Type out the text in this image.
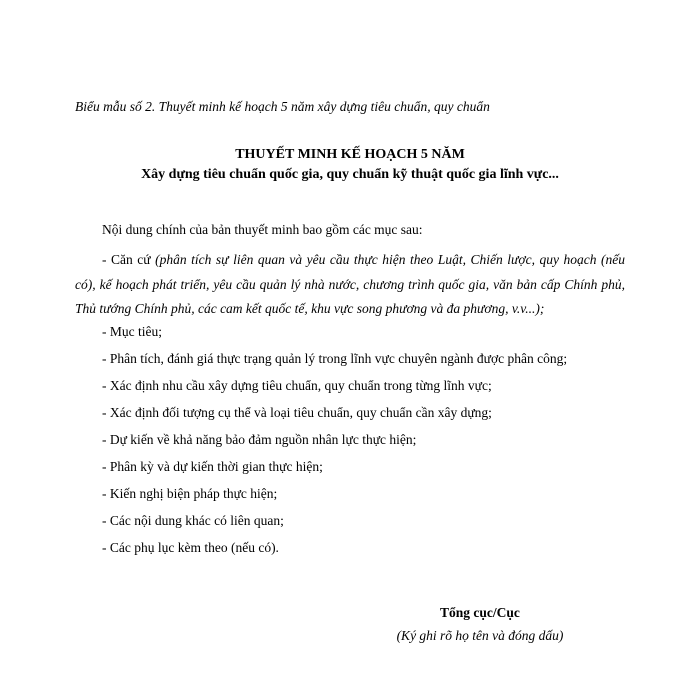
Biểu mẫu số 2. Thuyết minh kế hoạch 5 năm xây dựng tiêu chuẩn, quy chuẩn
THUYẾT MINH KẾ HOẠCH 5 NĂM
Xây dựng tiêu chuẩn quốc gia, quy chuẩn kỹ thuật quốc gia lĩnh vực...

Nội dung chính của bản thuyết minh bao gồm các mục sau:

- Căn cứ (phân tích sự liên quan và yêu cầu thực hiện theo Luật, Chiến lược, quy hoạch (nếu có), kế hoạch phát triển, yêu cầu quản lý nhà nước, chương trình quốc gia, văn bản cấp Chính phủ, Thủ tướng Chính phủ, các cam kết quốc tế, khu vực song phương và đa phương, v.v...);

- Mục tiêu;

- Phân tích, đánh giá thực trạng quản lý trong lĩnh vực chuyên ngành được phân công;

- Xác định nhu cầu xây dựng tiêu chuẩn, quy chuẩn trong từng lĩnh vực;

- Xác định đối tượng cụ thể và loại tiêu chuẩn, quy chuẩn cần xây dựng;

- Dự kiến về khả năng bảo đảm nguồn nhân lực thực hiện;

- Phân kỳ và dự kiến thời gian thực hiện;

- Kiến nghị biện pháp thực hiện;

- Các nội dung khác có liên quan;

- Các phụ lục kèm theo (nếu có).

Tổng cục/Cục
(Ký ghi rõ họ tên và đóng dấu)
